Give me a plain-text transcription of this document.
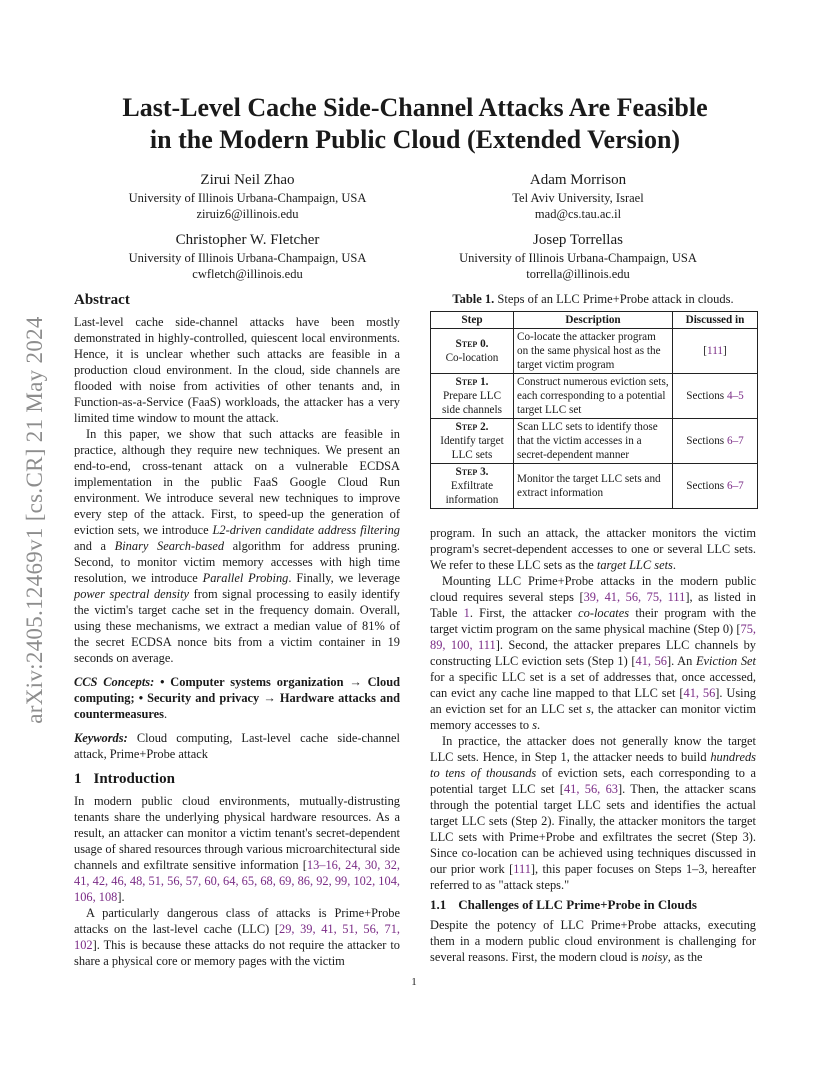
arXiv:2405.12469v1 [cs.CR] 21 May 2024
Last-Level Cache Side-Channel Attacks Are Feasible
in the Modern Public Cloud (Extended Version)
Zirui Neil Zhao
University of Illinois Urbana-Champaign, USA
ziruiz6@illinois.edu
Adam Morrison
Tel Aviv University, Israel
mad@cs.tau.ac.il
Christopher W. Fletcher
University of Illinois Urbana-Champaign, USA
cwfletch@illinois.edu
Josep Torrellas
University of Illinois Urbana-Champaign, USA
torrella@illinois.edu
Abstract

Last-level cache side-channel attacks have been mostly demonstrated in highly-controlled, quiescent local environments. Hence, it is unclear whether such attacks are feasible in a production cloud environment. In the cloud, side channels are flooded with noise from activities of other tenants and, in Function-as-a-Service (FaaS) workloads, the attacker has a very limited time window to mount the attack.

In this paper, we show that such attacks are feasible in practice, although they require new techniques. We present an end-to-end, cross-tenant attack on a vulnerable ECDSA implementation in the public FaaS Google Cloud Run environment. We introduce several new techniques to improve every step of the attack. First, to speed-up the generation of eviction sets, we introduce L2-driven candidate address filtering and a Binary Search-based algorithm for address pruning. Second, to monitor victim memory accesses with high time resolution, we introduce Parallel Probing. Finally, we leverage power spectral density from signal processing to easily identify the victim's target cache set in the frequency domain. Overall, using these mechanisms, we extract a median value of 81% of the secret ECDSA nonce bits from a victim container in 19 seconds on average.

CCS Concepts: • Computer systems organization → Cloud computing; • Security and privacy → Hardware attacks and countermeasures.

Keywords: Cloud computing, Last-level cache side-channel attack, Prime+Probe attack

1 Introduction

In modern public cloud environments, mutually-distrusting tenants share the underlying physical hardware resources. As a result, an attacker can monitor a victim tenant's secret-dependent usage of shared resources through various microarchitectural side channels and exfiltrate sensitive information [13–16, 24, 30, 32, 41, 42, 46, 48, 51, 56, 57, 60, 64, 65, 68, 69, 86, 92, 99, 102, 104, 106, 108].

A particularly dangerous class of attacks is Prime+Probe attacks on the last-level cache (LLC) [29, 39, 41, 51, 56, 71, 102]. This is because these attacks do not require the attacker to share a physical core or memory pages with the victim

Table 1. Steps of an LLC Prime+Probe attack in clouds.
Step	Description	Discussed in

Step 0.
Co-location	Co-locate the attacker program on the same physical host as the target victim program	[111]

Step 1.
Prepare LLC side channels	Construct numerous eviction sets, each corresponding to a potential target LLC set	Sections 4–5

Step 2.
Identify target LLC sets	Scan LLC sets to identify those that the victim accesses in a secret-dependent manner	Sections 6–7

Step 3.
Exfiltrate information	Monitor the target LLC sets and extract information	Sections 6–7

program. In such an attack, the attacker monitors the victim program's secret-dependent accesses to one or several LLC sets. We refer to these LLC sets as the target LLC sets.

Mounting LLC Prime+Probe attacks in the modern public cloud requires several steps [39, 41, 56, 75, 111], as listed in Table 1. First, the attacker co-locates their program with the target victim program on the same physical machine (Step 0) [75, 89, 100, 111]. Second, the attacker prepares LLC channels by constructing LLC eviction sets (Step 1) [41, 56]. An Eviction Set for a specific LLC set is a set of addresses that, once accessed, can evict any cache line mapped to that LLC set [41, 56]. Using an eviction set for an LLC set s, the attacker can monitor victim memory accesses to s.

In practice, the attacker does not generally know the target LLC sets. Hence, in Step 1, the attacker needs to build hundreds to tens of thousands of eviction sets, each corresponding to a potential target LLC set [41, 56, 63]. Then, the attacker scans through the potential target LLC sets and identifies the actual target LLC sets (Step 2). Finally, the attacker monitors the target LLC sets with Prime+Probe and exfiltrates the secret (Step 3). Since co-location can be achieved using techniques discussed in our prior work [111], this paper focuses on Steps 1–3, hereafter referred to as "attack steps."

1.1 Challenges of LLC Prime+Probe in Clouds

Despite the potency of LLC Prime+Probe attacks, executing them in a modern public cloud environment is challenging for several reasons. First, the modern cloud is noisy, as the

1
